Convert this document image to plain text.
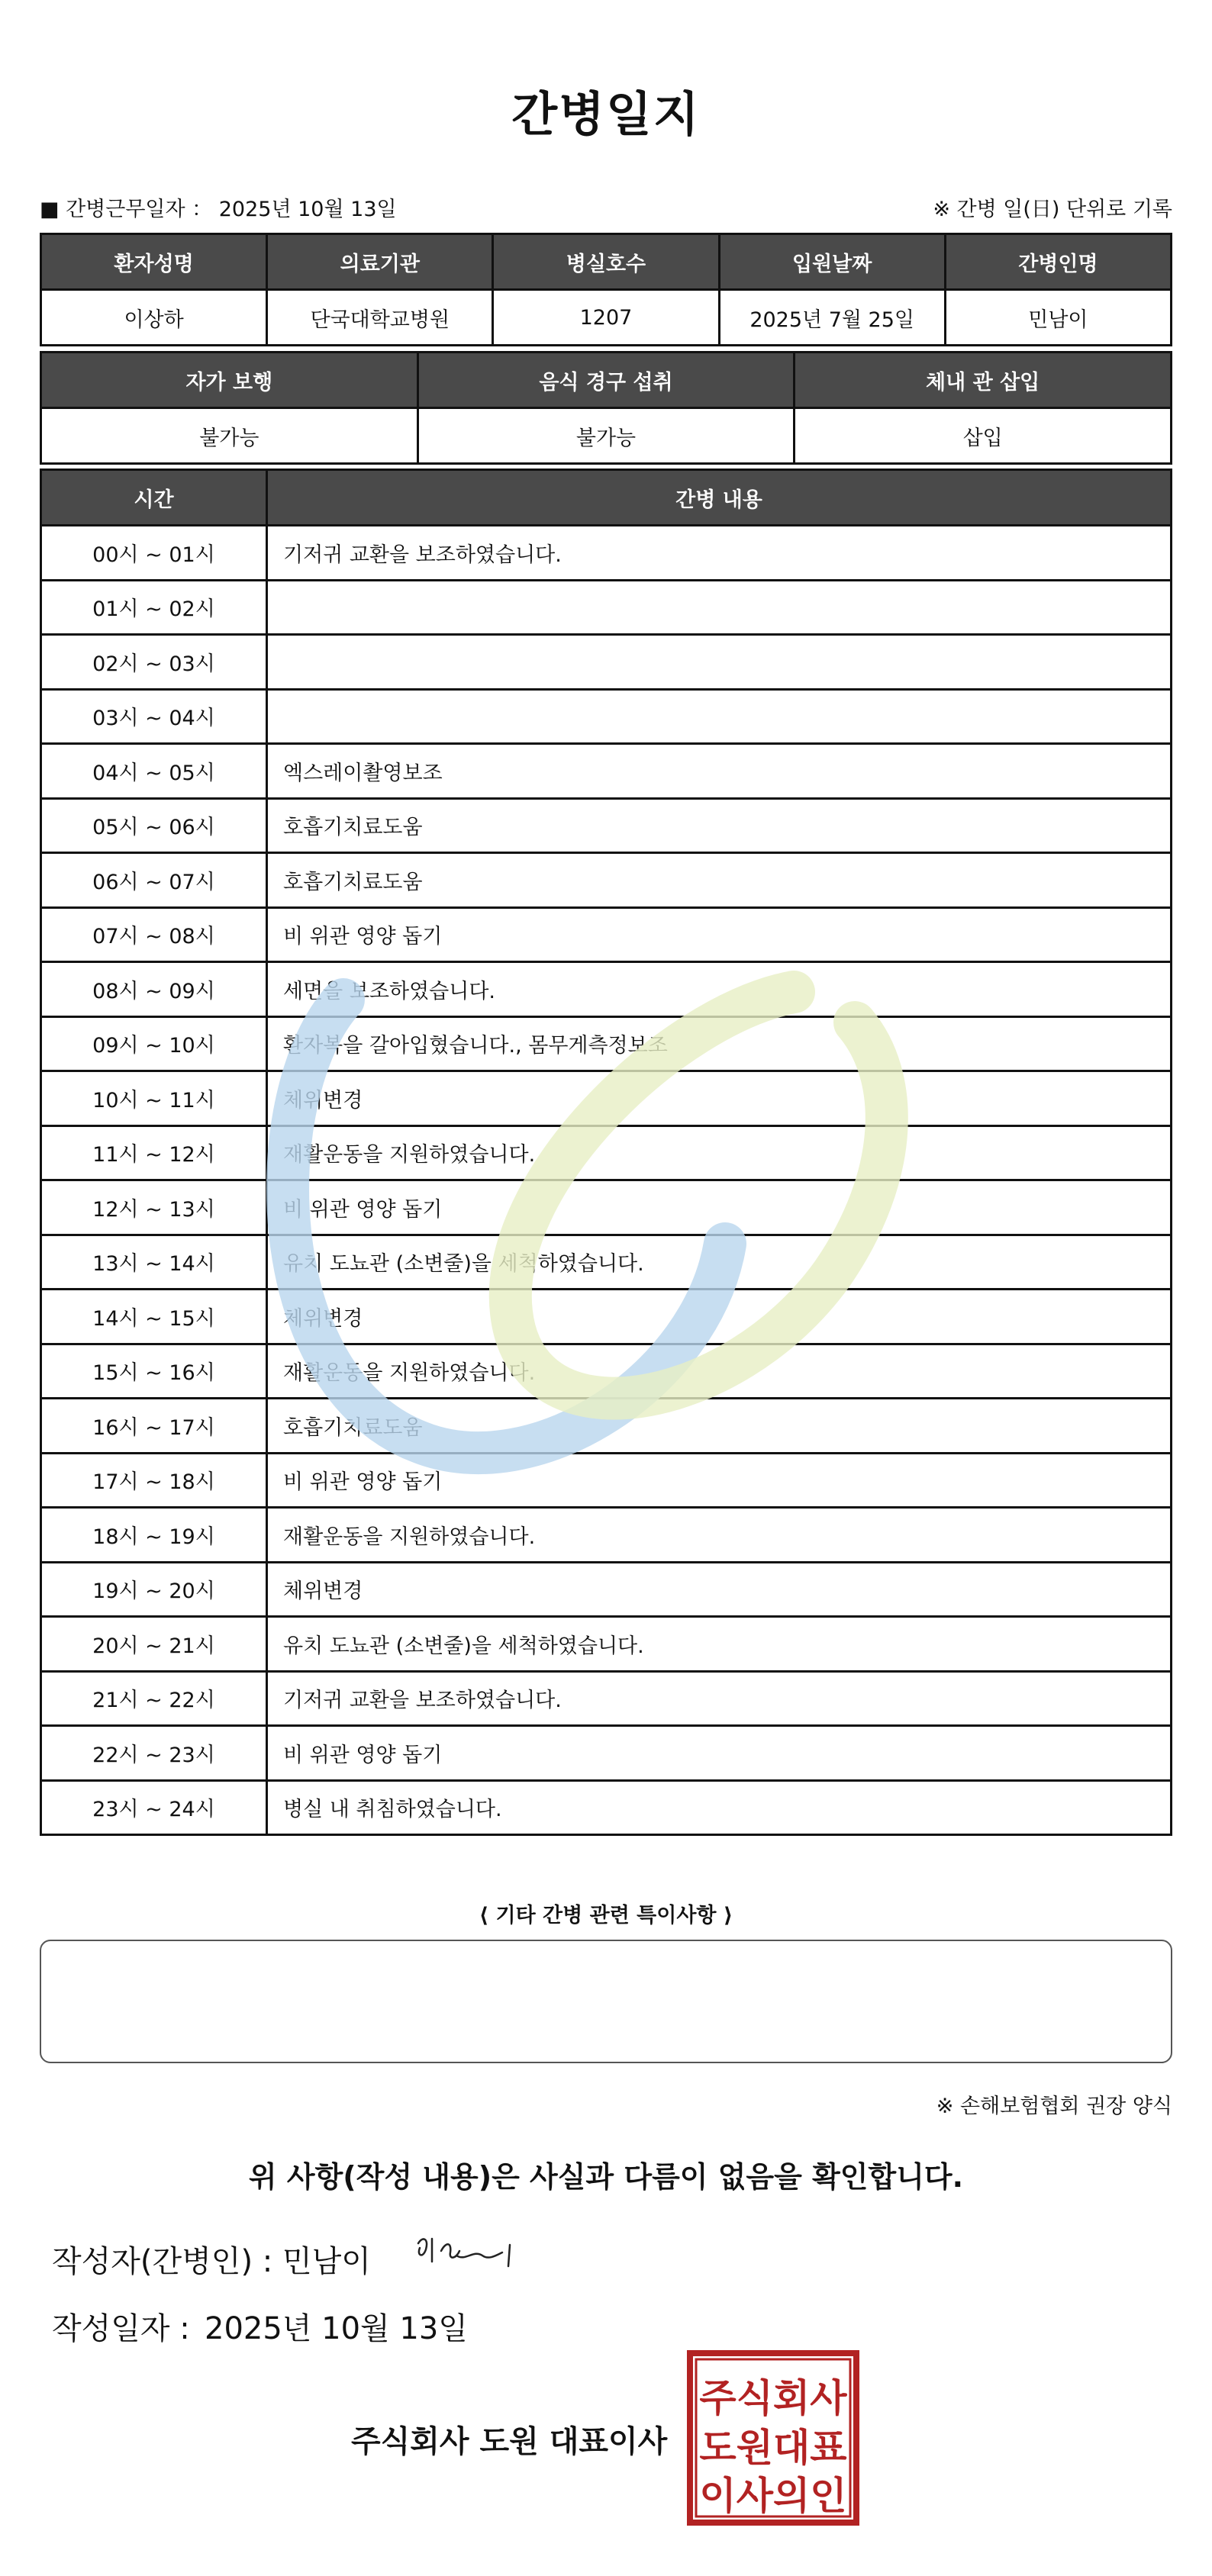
간병일지
■ 간병근무일자 ： 2025년 10월 13일	※ 간병 일(日) 단위로 기록
환자성명	의료기관	병실호수	입원날짜	간병인명
이상하	단국대학교병원	1207	2025년 7월 25일	민남이
자가 보행	음식 경구 섭취	체내 관 삽입
불가능	불가능	삽입
시간	간병 내용
00시 ~ 01시	기저귀 교환을 보조하였습니다.
01시 ~ 02시	
02시 ~ 03시	
03시 ~ 04시	
04시 ~ 05시	엑스레이촬영보조
05시 ~ 06시	호흡기치료도움
06시 ~ 07시	호흡기치료도움
07시 ~ 08시	비 위관 영양 돕기
08시 ~ 09시	세면을 보조하였습니다.
09시 ~ 10시	환자복을 갈아입혔습니다., 몸무게측정보조
10시 ~ 11시	체위변경
11시 ~ 12시	재활운동을 지원하였습니다.
12시 ~ 13시	비 위관 영양 돕기
13시 ~ 14시	유치 도뇨관 (소변줄)을 세척하였습니다.
14시 ~ 15시	체위변경
15시 ~ 16시	재활운동을 지원하였습니다.
16시 ~ 17시	호흡기치료도움
17시 ~ 18시	비 위관 영양 돕기
18시 ~ 19시	재활운동을 지원하였습니다.
19시 ~ 20시	체위변경
20시 ~ 21시	유치 도뇨관 (소변줄)을 세척하였습니다.
21시 ~ 22시	기저귀 교환을 보조하였습니다.
22시 ~ 23시	비 위관 영양 돕기
23시 ~ 24시	병실 내 취침하였습니다.
⟨ 기타 간병 관련 특이사항 ⟩
※ 손해보험협회 권장 양식
위 사항(작성 내용)은 사실과 다름이 없음을 확인합니다.
작성자(간병인) : 민남이
작성일자 : 2025년 10월 13일
주식회사 도원 대표이사
주식회사
도원대표
이사의인
